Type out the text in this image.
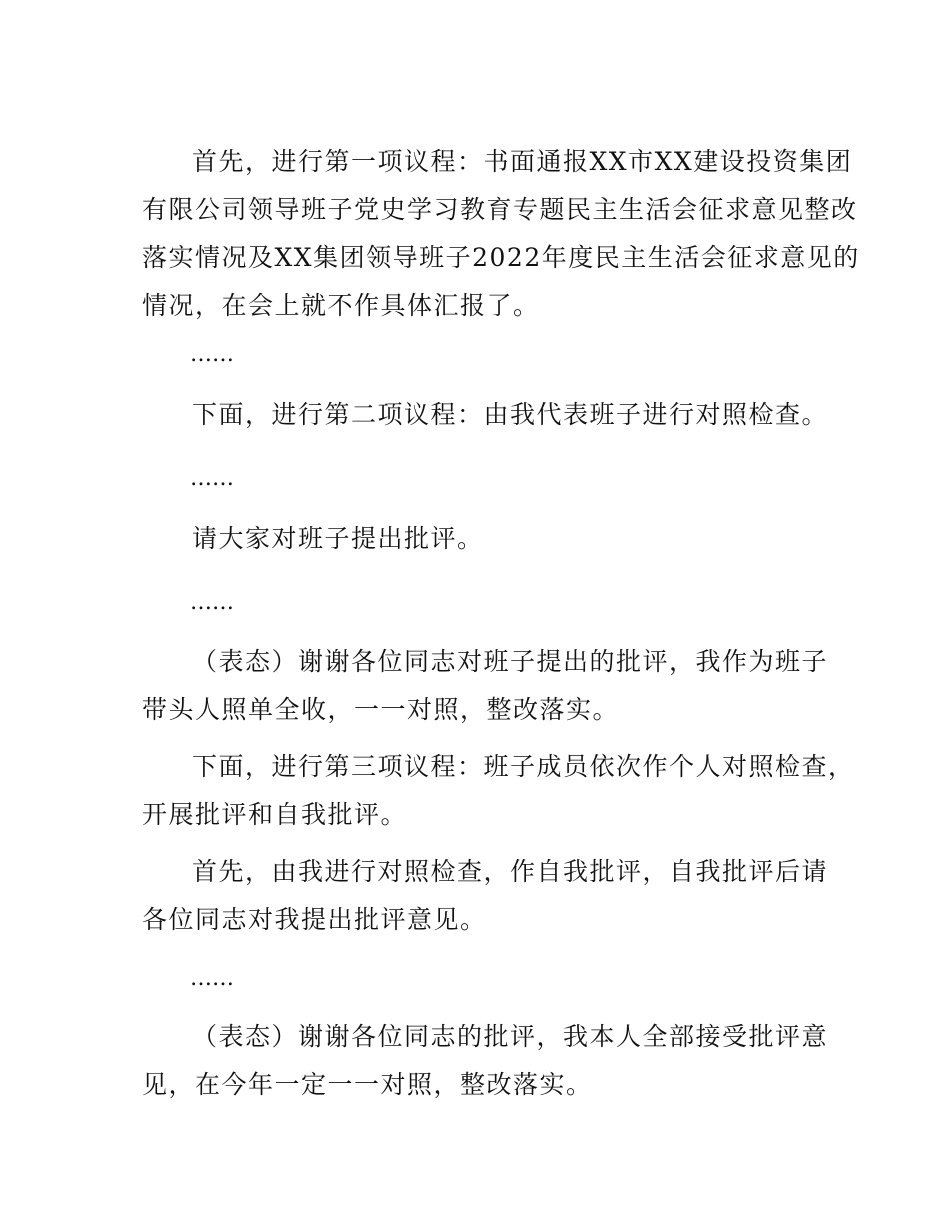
首先，进行第一项议程：书面通报XX市XX建设投资集团
有限公司领导班子党史学习教育专题民主生活会征求意见整改
落实情况及XX集团领导班子2022年度民主生活会征求意见的
情况，在会上就不作具体汇报了。

……

下面，进行第二项议程：由我代表班子进行对照检查。

……

请大家对班子提出批评。

……

（表态）谢谢各位同志对班子提出的批评，我作为班子
带头人照单全收，一一对照，整改落实。

下面，进行第三项议程：班子成员依次作个人对照检查，
开展批评和自我批评。

首先，由我进行对照检查，作自我批评，自我批评后请
各位同志对我提出批评意见。

……

（表态）谢谢各位同志的批评，我本人全部接受批评意
见，在今年一定一一对照，整改落实。
